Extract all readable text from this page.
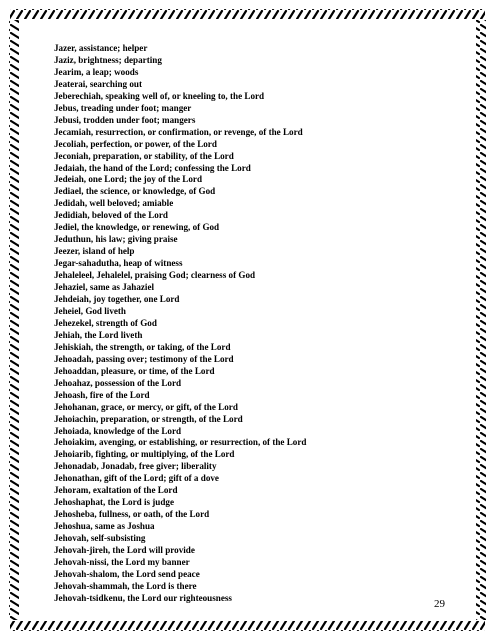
Jazer, assistance; helper
Jaziz, brightness; departing
Jearim, a leap; woods
Jeaterai, searching out
Jeberechiah, speaking well of, or kneeling to, the Lord
Jebus, treading under foot; manger
Jebusi, trodden under foot; mangers
Jecamiah, resurrection, or confirmation, or revenge, of the Lord
Jecoliah, perfection, or power, of the Lord
Jeconiah, preparation, or stability, of the Lord
Jedaiah, the hand of the Lord; confessing the Lord
Jedeiah, one Lord; the joy of the Lord
Jediael, the science, or knowledge, of God
Jedidah, well beloved; amiable
Jedidiah, beloved of the Lord
Jediel, the knowledge, or renewing, of God
Jeduthun, his law; giving praise
Jeezer, island of help
Jegar-sahadutha, heap of witness
Jehaleleel, Jehalelel, praising God; clearness of God
Jehaziel, same as Jahaziel
Jehdeiah, joy together, one Lord
Jeheiel, God liveth
Jehezekel, strength of God
Jehiah, the Lord liveth
Jehiskiah, the strength, or taking, of the Lord
Jehoadah, passing over; testimony of the Lord
Jehoaddan, pleasure, or time, of the Lord
Jehoahaz, possession of the Lord
Jehoash, fire of the Lord
Jehohanan, grace, or mercy, or gift, of the Lord
Jehoiachin, preparation, or strength, of the Lord
Jehoiada, knowledge of the Lord
Jehoiakim, avenging, or establishing, or resurrection, of the Lord
Jehoiarib, fighting, or multiplying, of the Lord
Jehonadab, Jonadab, free giver; liberality
Jehonathan, gift of the Lord; gift of a dove
Jehoram, exaltation of the Lord
Jehoshaphat, the Lord is judge
Jehosheba, fullness, or oath, of the Lord
Jehoshua, same as Joshua
Jehovah, self-subsisting
Jehovah-jireh, the Lord will provide
Jehovah-nissi, the Lord my banner
Jehovah-shalom, the Lord send peace
Jehovah-shammah, the Lord is there
Jehovah-tsidkenu, the Lord our righteousness
29
